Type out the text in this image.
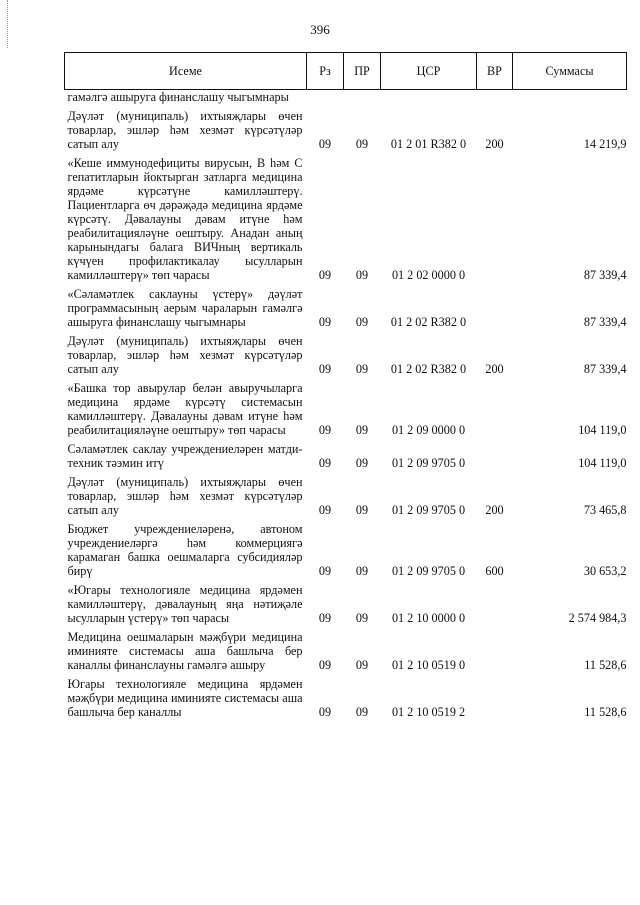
396
Исеме	Рз	ПР	ЦСР	ВР	Суммасы
гамәлгә ашыруга финанслашу чыгымнары					
Дәүләт (муниципаль) ихтыяҗлары өчен товарлар, эшләр һәм хезмәт күрсәтүләр сатып алу	09	09	01 2 01 R382 0	200	14 219,9
«Кеше иммунодефициты вирусын, B һәм C гепатитларын йоктырган затларга медицина ярдәме күрсәтүне камилләштерү. Пациентларга өч дәрәҗәдә медицина ярдәме күрсәтү. Дәвалауны дәвам итүне һәм реабилитацияләүне оештыру. Анадан аның карынындагы балага ВИЧның вертикаль күчүен профилактикалау ысулларын камилләштерү» төп чарасы	09	09	01 2 02 0000 0		87 339,4
«Сәламәтлек саклауны үстерү» дәүләт программасының аерым чараларын гамәлгә ашыруга финанслашу чыгымнары	09	09	01 2 02 R382 0		87 339,4
Дәүләт (муниципаль) ихтыяҗлары өчен товарлар, эшләр һәм хезмәт күрсәтүләр сатып алу	09	09	01 2 02 R382 0	200	87 339,4
«Башка тор авырулар белән авыручыларга медицина ярдәме күрсәтү системасын камилләштерү. Дәвалауны дәвам итүне һәм реабилитацияләүне оештыру» төп чарасы	09	09	01 2 09 0000 0		104 119,0
Сәламәтлек саклау учреждениеләрен матди-техник тәэмин итү	09	09	01 2 09 9705 0		104 119,0
Дәүләт (муниципаль) ихтыяҗлары өчен товарлар, эшләр һәм хезмәт күрсәтүләр сатып алу	09	09	01 2 09 9705 0	200	73 465,8
Бюджет учреждениеләренә, автоном учреждениеләргә һәм коммерциягә карамаган башка оешмаларга субсидияләр бирү	09	09	01 2 09 9705 0	600	30 653,2
«Югары технологияле медицина ярдәмен камилләштерү, дәвалауның яңа нәтиҗәле ысулларын үстерү» төп чарасы	09	09	01 2 10 0000 0		2 574 984,3
Медицина оешмаларын мәҗбүри медицина иминияте системасы аша башлыча бер каналлы финанслауны гамәлгә ашыру	09	09	01 2 10 0519 0		11 528,6
Югары технологияле медицина ярдәмен мәҗбүри медицина иминияте системасы аша башлыча бер каналлы	09	09	01 2 10 0519 2		11 528,6
